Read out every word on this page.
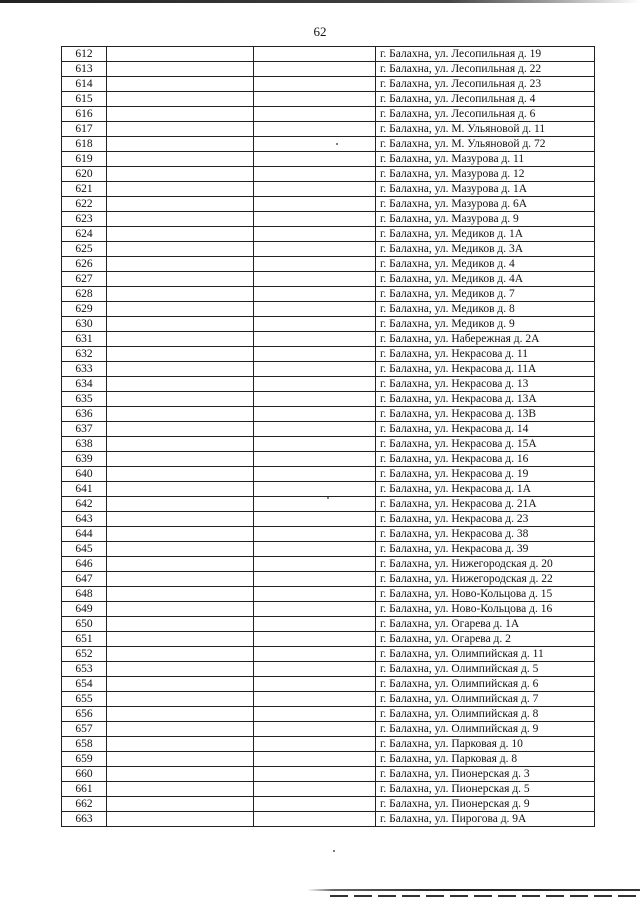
62
612			г. Балахна, ул. Лесопильная д. 19
613			г. Балахна, ул. Лесопильная д. 22
614			г. Балахна, ул. Лесопильная д. 23
615			г. Балахна, ул. Лесопильная д. 4
616			г. Балахна, ул. Лесопильная д. 6
617			г. Балахна, ул. М. Ульяновой д. 11
618			г. Балахна, ул. М. Ульяновой д. 72
619			г. Балахна, ул. Мазурова д. 11
620			г. Балахна, ул. Мазурова д. 12
621			г. Балахна, ул. Мазурова д. 1А
622			г. Балахна, ул. Мазурова д. 6А
623			г. Балахна, ул. Мазурова д. 9
624			г. Балахна, ул. Медиков д. 1А
625			г. Балахна, ул. Медиков д. 3А
626			г. Балахна, ул. Медиков д. 4
627			г. Балахна, ул. Медиков д. 4А
628			г. Балахна, ул. Медиков д. 7
629			г. Балахна, ул. Медиков д. 8
630			г. Балахна, ул. Медиков д. 9
631			г. Балахна, ул. Набережная д. 2А
632			г. Балахна, ул. Некрасова д. 11
633			г. Балахна, ул. Некрасова д. 11А
634			г. Балахна, ул. Некрасова д. 13
635			г. Балахна, ул. Некрасова д. 13А
636			г. Балахна, ул. Некрасова д. 13В
637			г. Балахна, ул. Некрасова д. 14
638			г. Балахна, ул. Некрасова д. 15А
639			г. Балахна, ул. Некрасова д. 16
640			г. Балахна, ул. Некрасова д. 19
641			г. Балахна, ул. Некрасова д. 1А
642			г. Балахна, ул. Некрасова д. 21А
643			г. Балахна, ул. Некрасова д. 23
644			г. Балахна, ул. Некрасова д. 38
645			г. Балахна, ул. Некрасова д. 39
646			г. Балахна, ул. Нижегородская д. 20
647			г. Балахна, ул. Нижегородская д. 22
648			г. Балахна, ул. Ново-Кольцова д. 15
649			г. Балахна, ул. Ново-Кольцова д. 16
650			г. Балахна, ул. Огарева д. 1А
651			г. Балахна, ул. Огарева д. 2
652			г. Балахна, ул. Олимпийская д. 11
653			г. Балахна, ул. Олимпийская д. 5
654			г. Балахна, ул. Олимпийская д. 6
655			г. Балахна, ул. Олимпийская д. 7
656			г. Балахна, ул. Олимпийская д. 8
657			г. Балахна, ул. Олимпийская д. 9
658			г. Балахна, ул. Парковая д. 10
659			г. Балахна, ул. Парковая д. 8
660			г. Балахна, ул. Пионерская д. 3
661			г. Балахна, ул. Пионерская д. 5
662			г. Балахна, ул. Пионерская д. 9
663			г. Балахна, ул. Пирогова д. 9А
